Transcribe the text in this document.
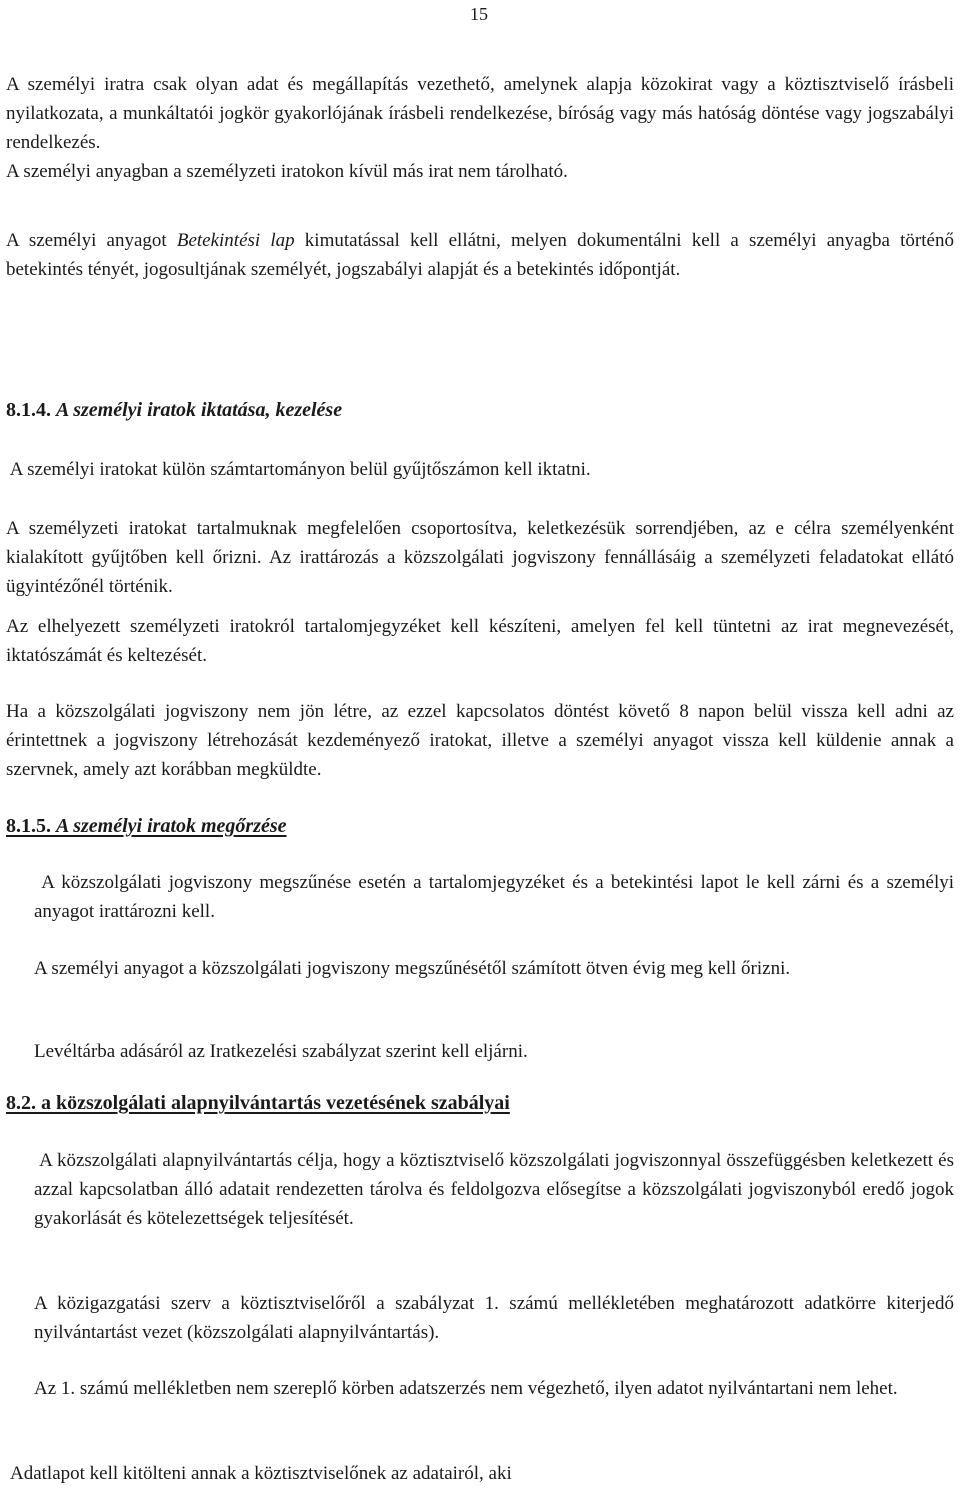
15

A személyi iratra csak olyan adat és megállapítás vezethető, amelynek alapja közokirat vagy a köztisztviselő írásbeli nyilatkozata, a munkáltatói jogkör gyakorlójának írásbeli rendelkezése, bíróság vagy más hatóság döntése vagy jogszabályi rendelkezés.

A személyi anyagban a személyzeti iratokon kívül más irat nem tárolható.

A személyi anyagot Betekintési lap kimutatással kell ellátni, melyen dokumentálni kell a személyi anyagba történő betekintés tényét, jogosultjának személyét, jogszabályi alapját és a betekintés időpontját.

8.1.4. A személyi iratok iktatása, kezelése

A személyi iratokat külön számtartományon belül gyűjtőszámon kell iktatni.

A személyzeti iratokat tartalmuknak megfelelően csoportosítva, keletkezésük sorrendjében, az e célra személyenként kialakított gyűjtőben kell őrizni. Az irattározás a közszolgálati jogviszony fennállásáig a személyzeti feladatokat ellátó ügyintézőnél történik.

Az elhelyezett személyzeti iratokról tartalomjegyzéket kell készíteni, amelyen fel kell tüntetni az irat megnevezését, iktatószámát és keltezését.

Ha a közszolgálati jogviszony nem jön létre, az ezzel kapcsolatos döntést követő 8 napon belül vissza kell adni az érintettnek a jogviszony létrehozását kezdeményező iratokat, illetve a személyi anyagot vissza kell küldenie annak a szervnek, amely azt korábban megküldte.

8.1.5. A személyi iratok megőrzése

A közszolgálati jogviszony megszűnése esetén a tartalomjegyzéket és a betekintési lapot le kell zárni és a személyi anyagot irattározni kell.

A személyi anyagot a közszolgálati jogviszony megszűnésétől számított ötven évig meg kell őrizni.

Levéltárba adásáról az Iratkezelési szabályzat szerint kell eljárni.

8.2. a közszolgálati alapnyilvántartás vezetésének szabályai

A közszolgálati alapnyilvántartás célja, hogy a köztisztviselő közszolgálati jogviszonnyal összefüggésben keletkezett és azzal kapcsolatban álló adatait rendezetten tárolva és feldolgozva elősegítse a közszolgálati jogviszonyból eredő jogok gyakorlását és kötelezettségek teljesítését.

A közigazgatási szerv a köztisztviselőről a szabályzat 1. számú mellékletében meghatározott adatkörre kiterjedő nyilvántartást vezet (közszolgálati alapnyilvántartás).

Az 1. számú mellékletben nem szereplő körben adatszerzés nem végezhető, ilyen adatot nyilvántartani nem lehet.

Adatlapot kell kitölteni annak a köztisztviselőnek az adatairól, aki
